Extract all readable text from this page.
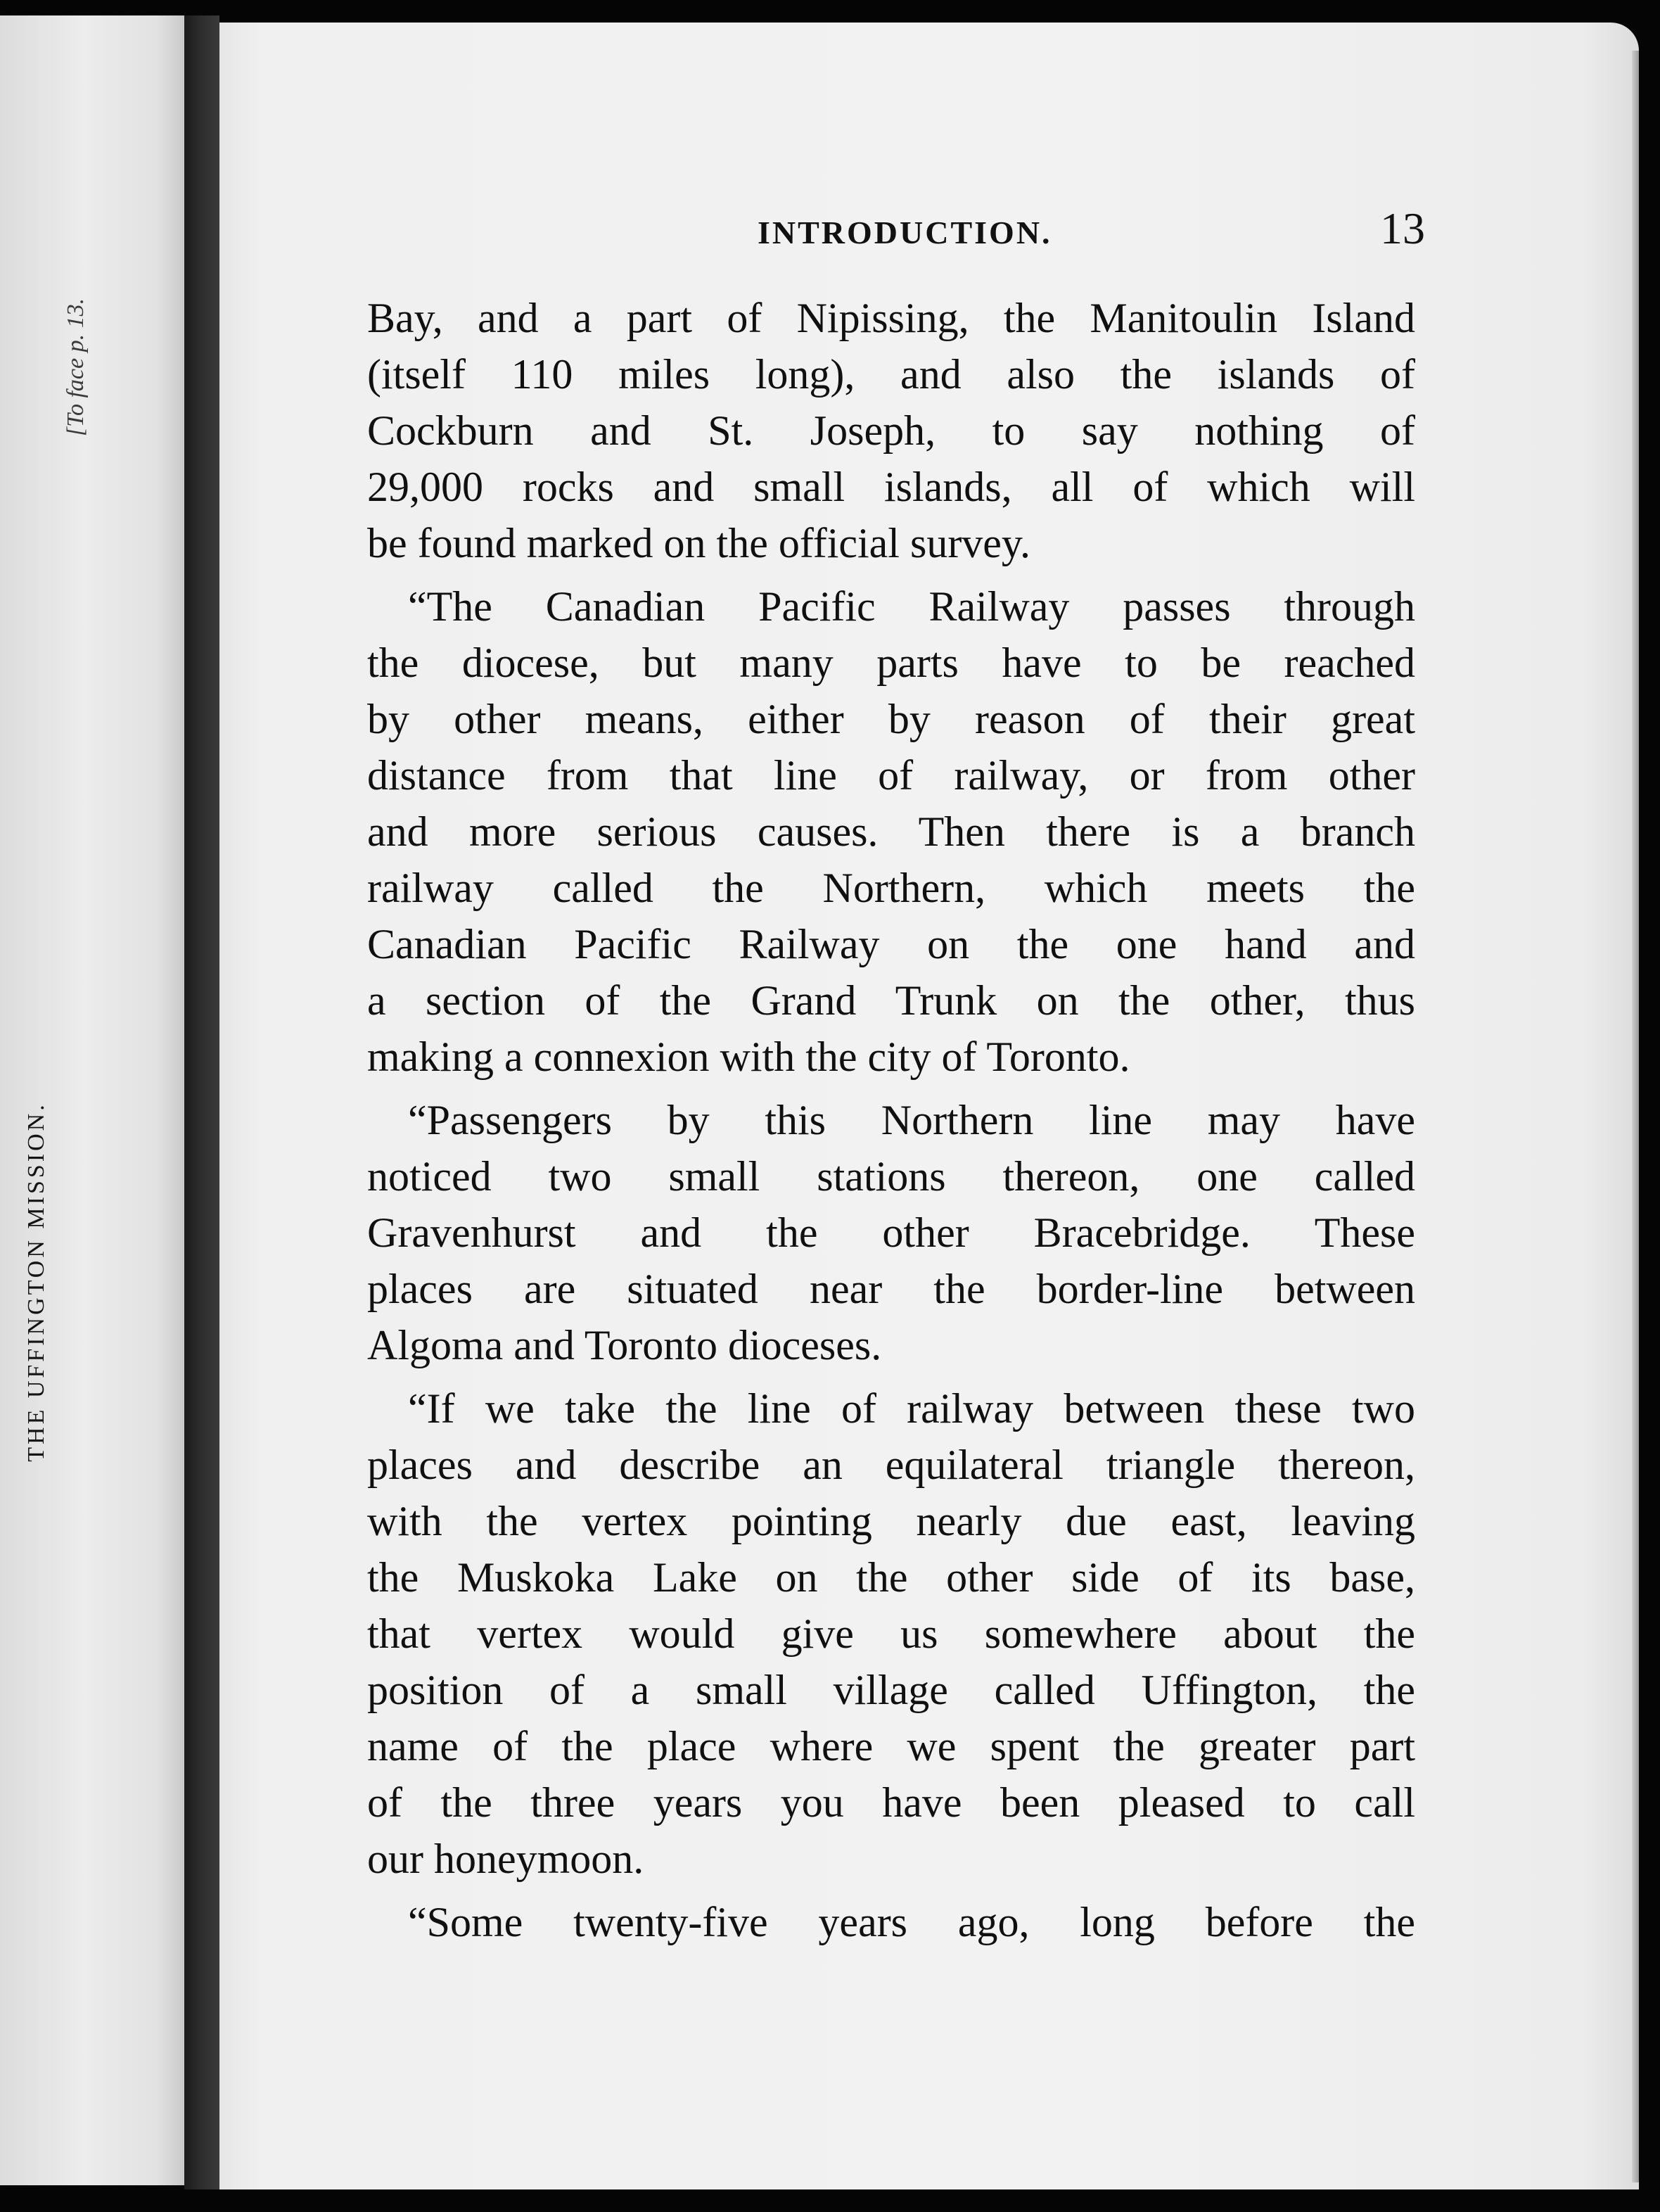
[To face p. 13.
THE UFFINGTON MISSION.
INTRODUCTION.	13

Bay, and a part of Nipissing, the Manitoulin Island
(itself 110 miles long), and also the islands of
Cockburn and St. Joseph, to say nothing of
29,000 rocks and small islands, all of which will
be found marked on the official survey.

“The Canadian Pacific Railway passes through
the diocese, but many parts have to be reached
by other means, either by reason of their great
distance from that line of railway, or from other
and more serious causes. Then there is a branch
railway called the Northern, which meets the
Canadian Pacific Railway on the one hand and
a section of the Grand Trunk on the other, thus
making a connexion with the city of Toronto.

“Passengers by this Northern line may have
noticed two small stations thereon, one called
Gravenhurst and the other Bracebridge. These
places are situated near the border-line between
Algoma and Toronto dioceses.

“If we take the line of railway between these two
places and describe an equilateral triangle thereon,
with the vertex pointing nearly due east, leaving
the Muskoka Lake on the other side of its base,
that vertex would give us somewhere about the
position of a small village called Uffington, the
name of the place where we spent the greater part
of the three years you have been pleased to call
our honeymoon.

“Some twenty-five years ago, long before the
